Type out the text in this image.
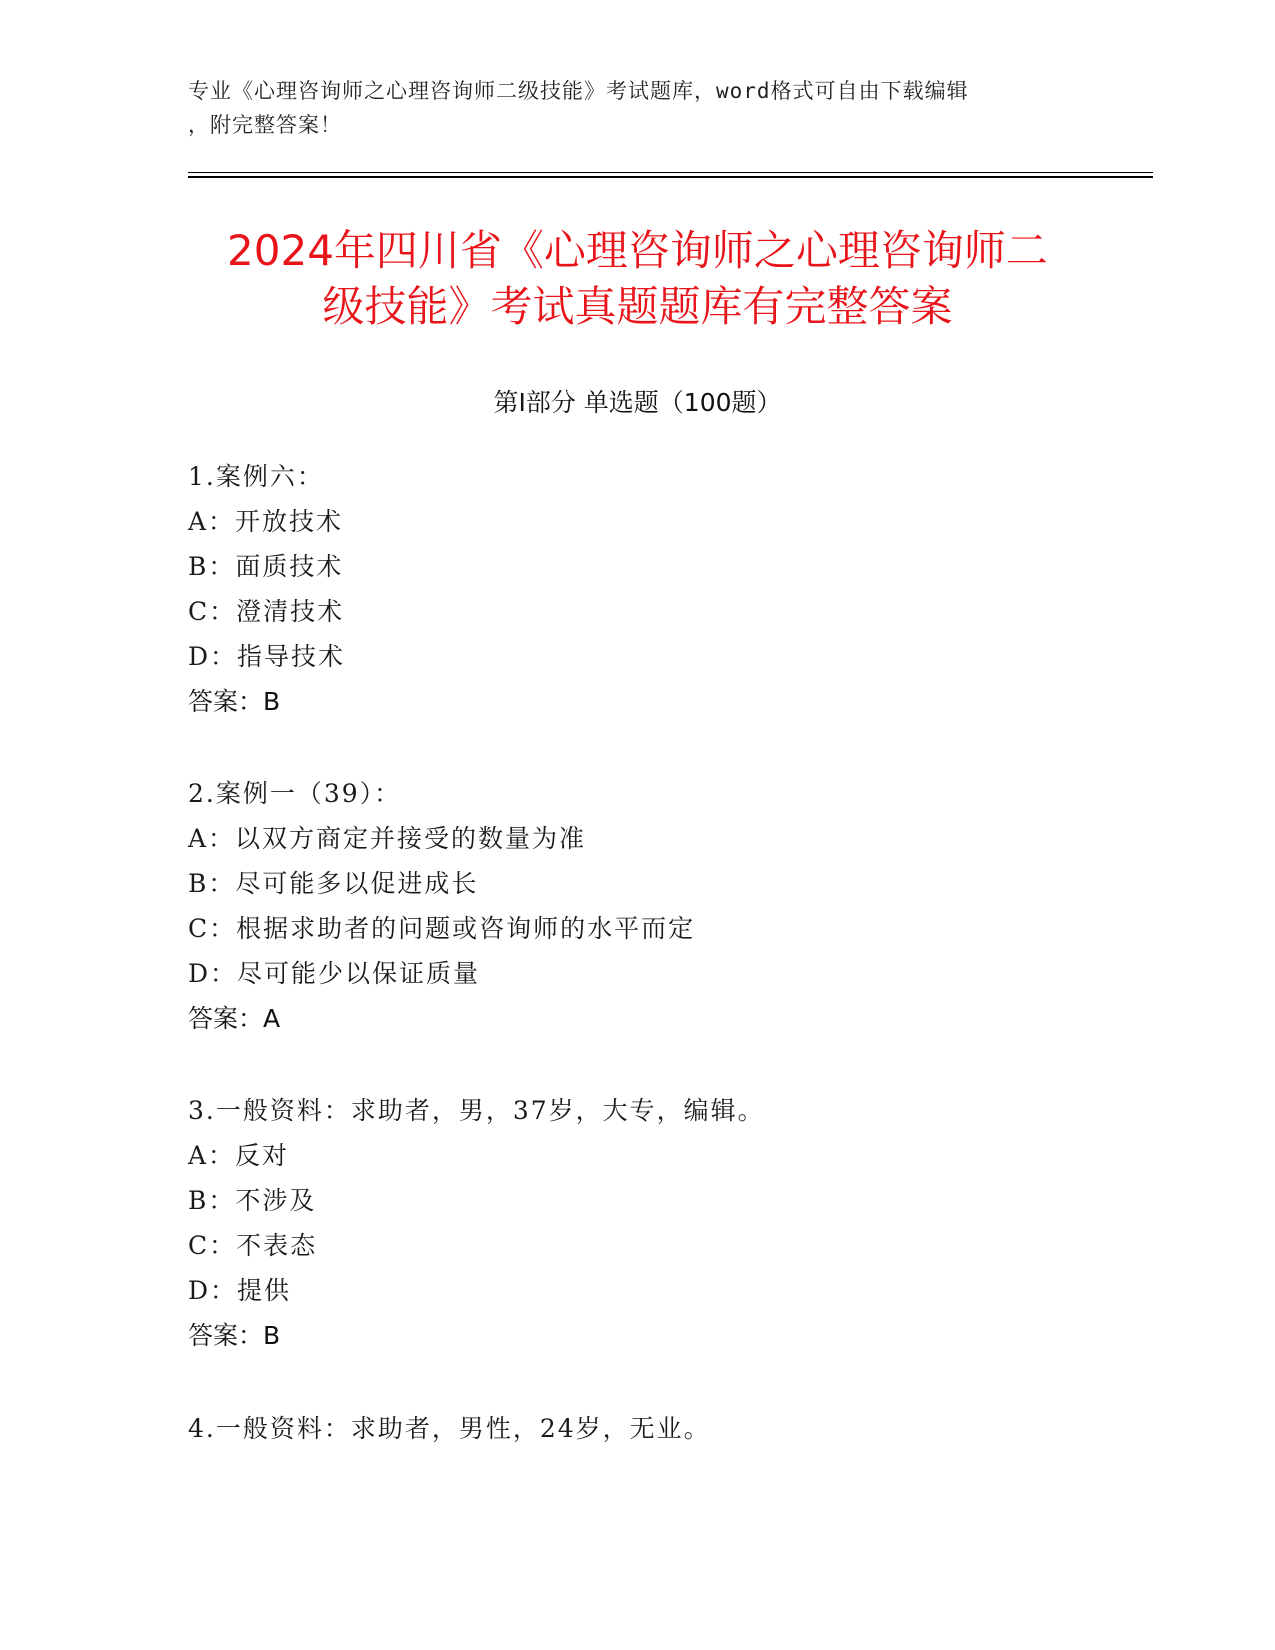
专业《心理咨询师之心理咨询师二级技能》考试题库，word格式可自由下载编辑
，附完整答案！
2024年四川省《心理咨询师之心理咨询师二
级技能》考试真题题库有完整答案
第Ⅰ部分 单选题（100题）
1.案例六：
A：开放技术
B：面质技术
C：澄清技术
D：指导技术
答案：B
2.案例一（39）：
A：以双方商定并接受的数量为准
B：尽可能多以促进成长
C：根据求助者的问题或咨询师的水平而定
D：尽可能少以保证质量
答案：A
3.一般资料：求助者，男，37岁，大专，编辑。
A：反对
B：不涉及
C：不表态
D：提供
答案：B
4.一般资料：求助者，男性，24岁，无业。
